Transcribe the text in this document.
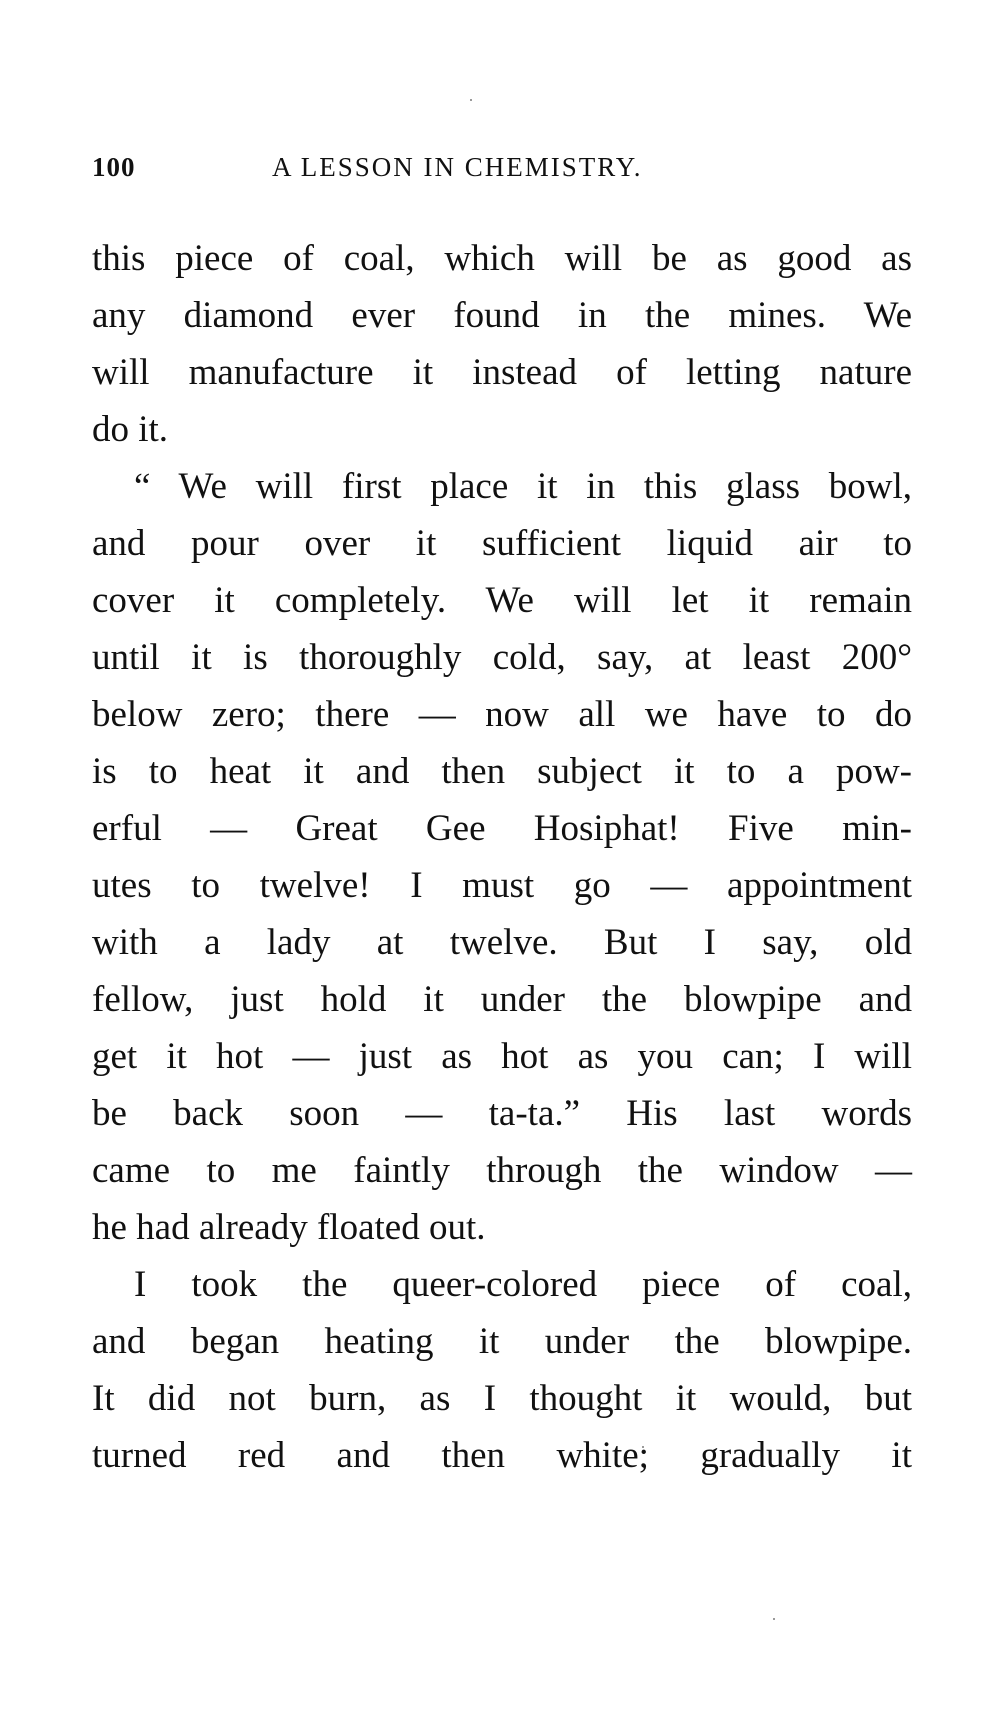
100	A LESSON IN CHEMISTRY.
this piece of coal, which will be as good as
any diamond ever found in the mines. We
will manufacture it instead of letting nature
do it.
“ We will first place it in this glass bowl,
and pour over it sufficient liquid air to
cover it completely. We will let it remain
until it is thoroughly cold, say, at least 200°
below zero; there — now all we have to do
is to heat it and then subject it to a pow-
erful — Great Gee Hosiphat! Five min-
utes to twelve! I must go — appointment
with a lady at twelve. But I say, old
fellow, just hold it under the blowpipe and
get it hot — just as hot as you can; I will
be back soon — ta-ta.” His last words
came to me faintly through the window —
he had already floated out.
I took the queer-colored piece of coal,
and began heating it under the blowpipe.
It did not burn, as I thought it would, but
turned red and then white; gradually it
